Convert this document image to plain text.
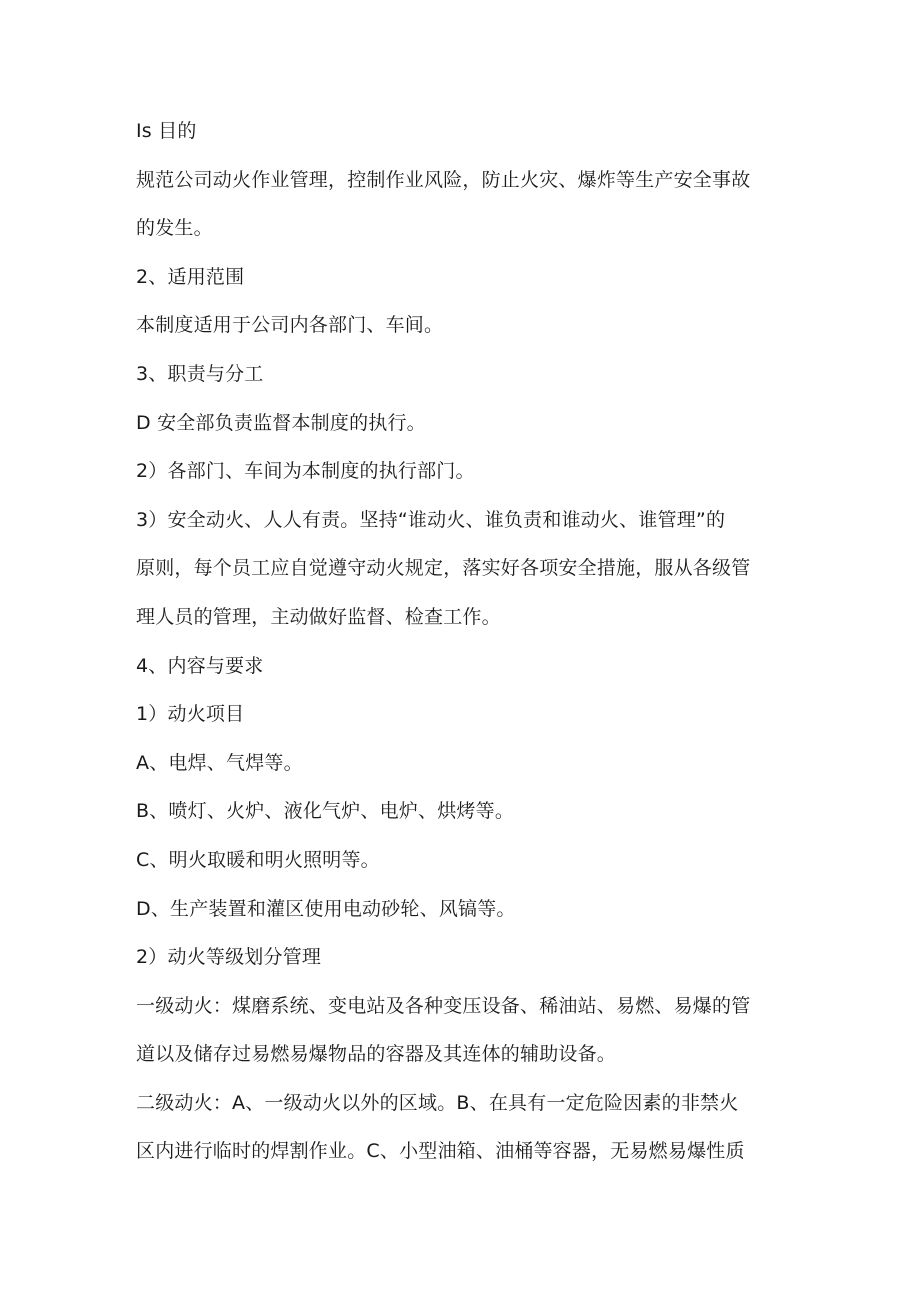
Is 目的
规范公司动火作业管理，控制作业风险，防止火灾、爆炸等生产安全事故
的发生。
2、适用范围
本制度适用于公司内各部门、车间。
3、职责与分工
D 安全部负责监督本制度的执行。
2）各部门、车间为本制度的执行部门。
3）安全动火、人人有责。坚持“谁动火、谁负责和谁动火、谁管理”的
原则，每个员工应自觉遵守动火规定，落实好各项安全措施，服从各级管
理人员的管理，主动做好监督、检查工作。
4、内容与要求
1）动火项目
A、电焊、气焊等。
B、喷灯、火炉、液化气炉、电炉、烘烤等。
C、明火取暖和明火照明等。
D、生产装置和灌区使用电动砂轮、风镐等。
2）动火等级划分管理
一级动火：煤磨系统、变电站及各种变压设备、稀油站、易燃、易爆的管
道以及储存过易燃易爆物品的容器及其连体的辅助设备。
二级动火：A、一级动火以外的区域。B、在具有一定危险因素的非禁火
区内进行临时的焊割作业。C、小型油箱、油桶等容器，无易燃易爆性质
